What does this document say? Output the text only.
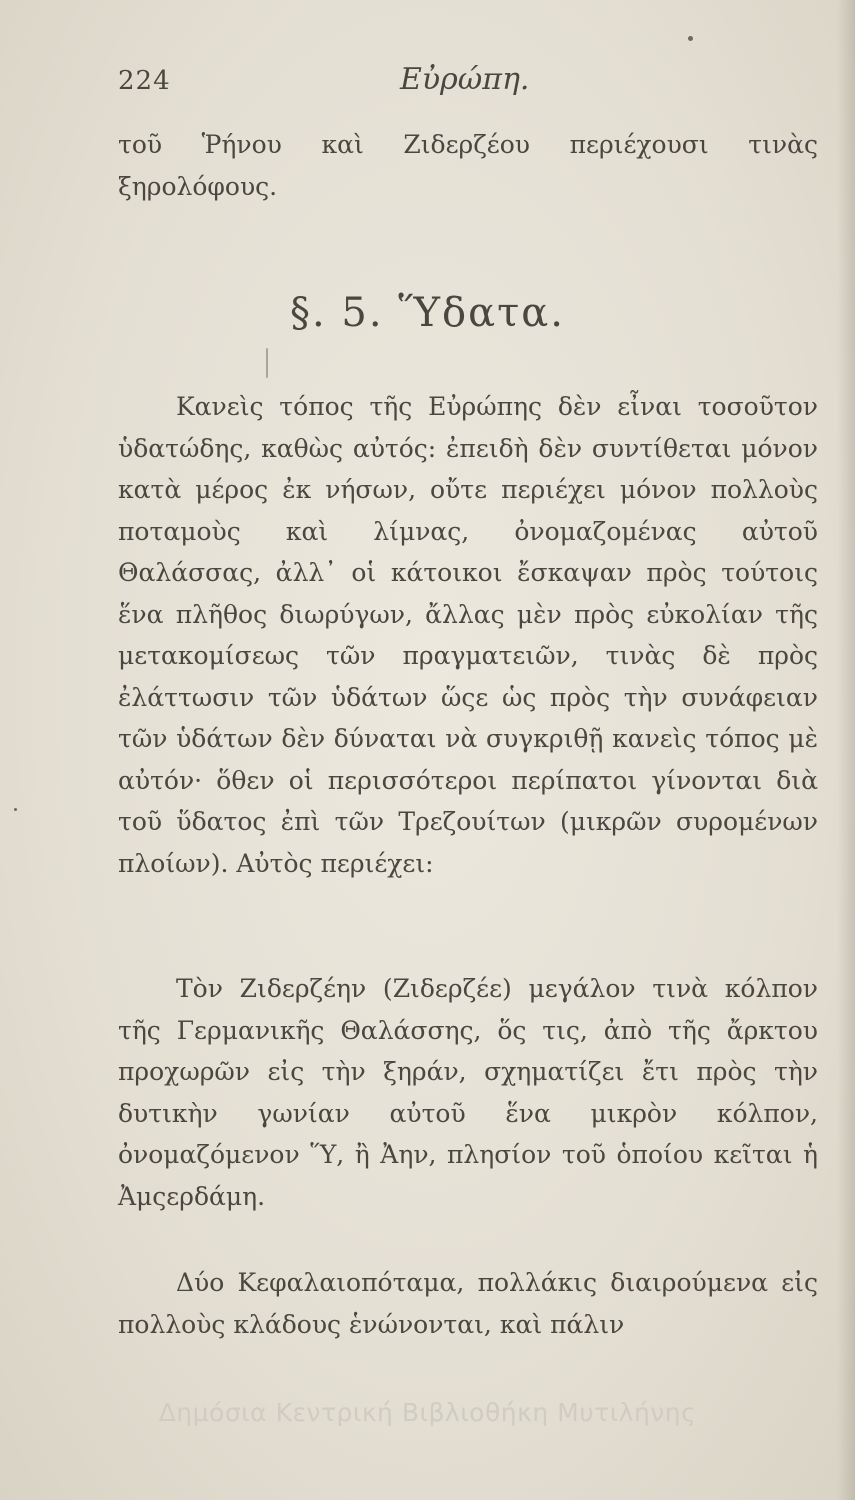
224	Εὐρώπη.

τοῦ Ῥήνου καὶ Ζιδερζέου περιέχουσι τινὰς ξηρολόφους.

§. 5. Ὕδατα.

Κανεὶς τόπος τῆς Εὐρώπης δὲν εἶναι τοσοῦτον ὑδατώδης, καθὼς αὐτός: ἐπειδὴ δὲν συντίθεται μόνον κατὰ μέρος ἐκ νήσων, οὔτε περιέχει μόνον πολλοὺς ποταμοὺς καὶ λίμνας, ὀνομαζομένας αὐτοῦ Θαλάσσας, ἀλλ᾽ οἱ κάτοικοι ἔσκαψαν πρὸς τούτοις ἕνα πλῆθος διωρύγων, ἄλλας μὲν πρὸς εὐκολίαν τῆς μετακομίσεως τῶν πραγματειῶν, τινὰς δὲ πρὸς ἐλάττωσιν τῶν ὑδάτων ὥςε ὡς πρὸς τὴν συνάφειαν τῶν ὑδάτων δὲν δύναται νὰ συγκριθῇ κανεὶς τόπος μὲ αὐτόν· ὅθεν οἱ περισσότεροι περίπατοι γίνονται διὰ τοῦ ὕδατος ἐπὶ τῶν Τρεζουίτων (μικρῶν συρομένων πλοίων). Αὐτὸς περιέχει:

Τὸν Ζιδερζέην (Ζιδερζέε) μεγάλον τινὰ κόλπον τῆς Γερμανικῆς Θαλάσσης, ὅς τις, ἀπὸ τῆς ἄρκτου προχωρῶν εἰς τὴν ξηράν, σχηματίζει ἔτι πρὸς τὴν δυτικὴν γωνίαν αὐτοῦ ἕνα μικρὸν κόλπον, ὀνομαζόμενον Ὕ, ἢ Ἀην, πλησίον τοῦ ὁποίου κεῖται ἡ Ἀμςερδάμη.

Δύο Κεφαλαιοπόταμα, πολλάκις διαιρούμενα εἰς πολλοὺς κλάδους ἑνώνονται, καὶ πάλιν

Δημόσια Κεντρική Βιβλιοθήκη Μυτιλήνης
